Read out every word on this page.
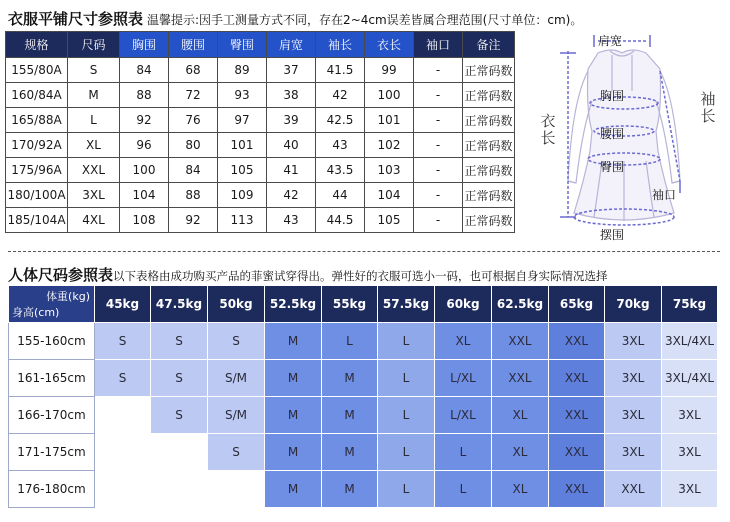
衣服平铺尺寸参照表 温馨提示:因手工测量方式不同，存在2~4cm误差皆属合理范围(尺寸单位：cm)。
规格	尺码	胸围	腰围	臀围	肩宽	袖长	衣长	袖口	备注
155/80A	S	84	68	89	37	41.5	99	-	正常码数
160/84A	M	88	72	93	38	42	100	-	正常码数
165/88A	L	92	76	97	39	42.5	101	-	正常码数
170/92A	XL	96	80	101	40	43	102	-	正常码数
175/96A	XXL	100	84	105	41	43.5	103	-	正常码数
180/100A	3XL	104	88	109	42	44	104	-	正常码数
185/104A	4XL	108	92	113	43	44.5	105	-	正常码数
肩宽
胸围
腰围
臀围
摆围
袖口
袖长
衣长
人体尺码参照表以下表格由成功购买产品的菲蜜试穿得出。弹性好的衣服可选小一码，也可根据自身实际情况选择
体重(kg)
身高(cm)	45kg	47.5kg	50kg	52.5kg	55kg	57.5kg	60kg	62.5kg	65kg	70kg	75kg
155-160cm	S	S	S	M	L	L	XL	XXL	XXL	3XL	3XL/4XL
161-165cm	S	S	S/M	M	M	L	L/XL	XXL	XXL	3XL	3XL/4XL
166-170cm		S	S/M	M	M	L	L/XL	XL	XXL	3XL	3XL
171-175cm			S	M	M	L	L	XL	XXL	3XL	3XL
176-180cm				M	M	L	L	XL	XXL	XXL	3XL
